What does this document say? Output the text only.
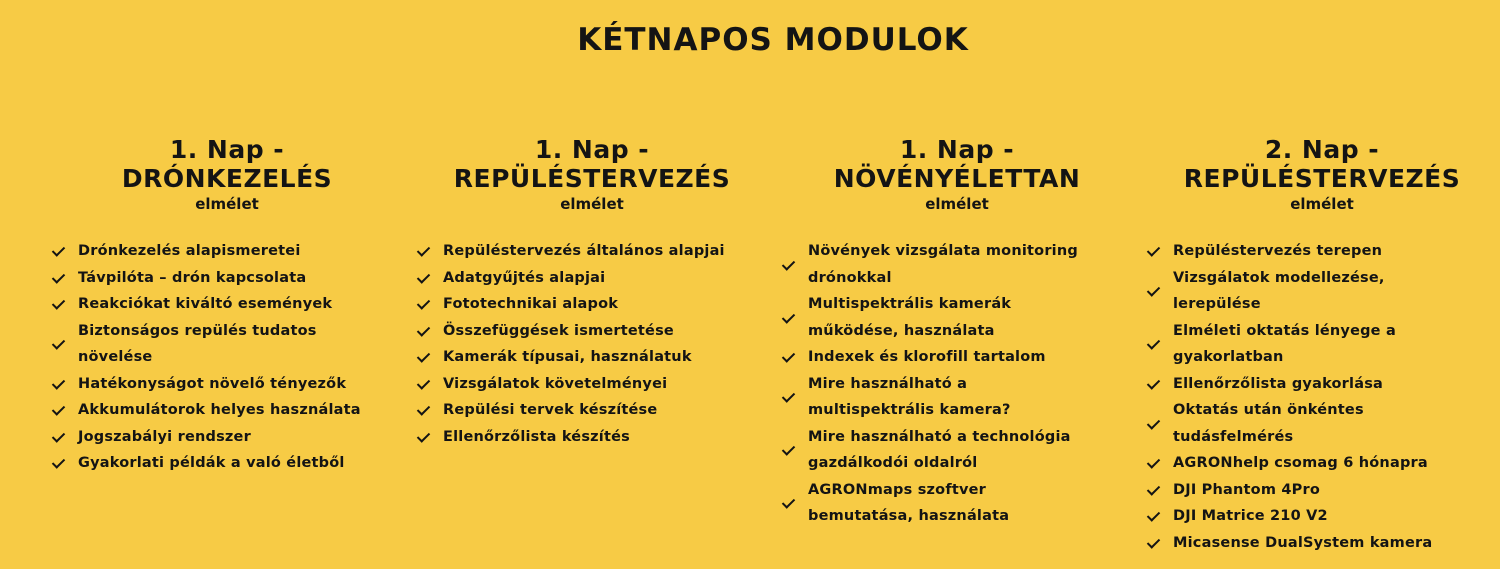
KÉTNAPOS MODULOK
1. Nap -
DRÓNKEZELÉS
elmélet
Drónkezelés alapismeretei
Távpilóta – drón kapcsolata
Reakciókat kiváltó események
Biztonságos repülés tudatos növelése
Hatékonyságot növelő tényezők
Akkumulátorok helyes használata
Jogszabályi rendszer
Gyakorlati példák a való életből
1. Nap -
REPÜLÉSTERVEZÉS
elmélet
Repüléstervezés általános alapjai
Adatgyűjtés alapjai
Fototechnikai alapok
Összefüggések ismertetése
Kamerák típusai, használatuk
Vizsgálatok követelményei
Repülési tervek készítése
Ellenőrzőlista készítés
1. Nap -
NÖVÉNYÉLETTAN
elmélet
Növények vizsgálata monitoring drónokkal
Multispektrális kamerák működése, használata
Indexek és klorofill tartalom
Mire használható a multispektrális kamera?
Mire használható a technológia gazdálkodói oldalról
AGRONmaps szoftver bemutatása, használata
2. Nap -
REPÜLÉSTERVEZÉS
elmélet
Repüléstervezés terepen
Vizsgálatok modellezése, lerepülése
Elméleti oktatás lényege a gyakorlatban
Ellenőrzőlista gyakorlása
Oktatás után önkéntes tudásfelmérés
AGRONhelp csomag 6 hónapra
DJI Phantom 4Pro
DJI Matrice 210 V2
Micasense DualSystem kamera
